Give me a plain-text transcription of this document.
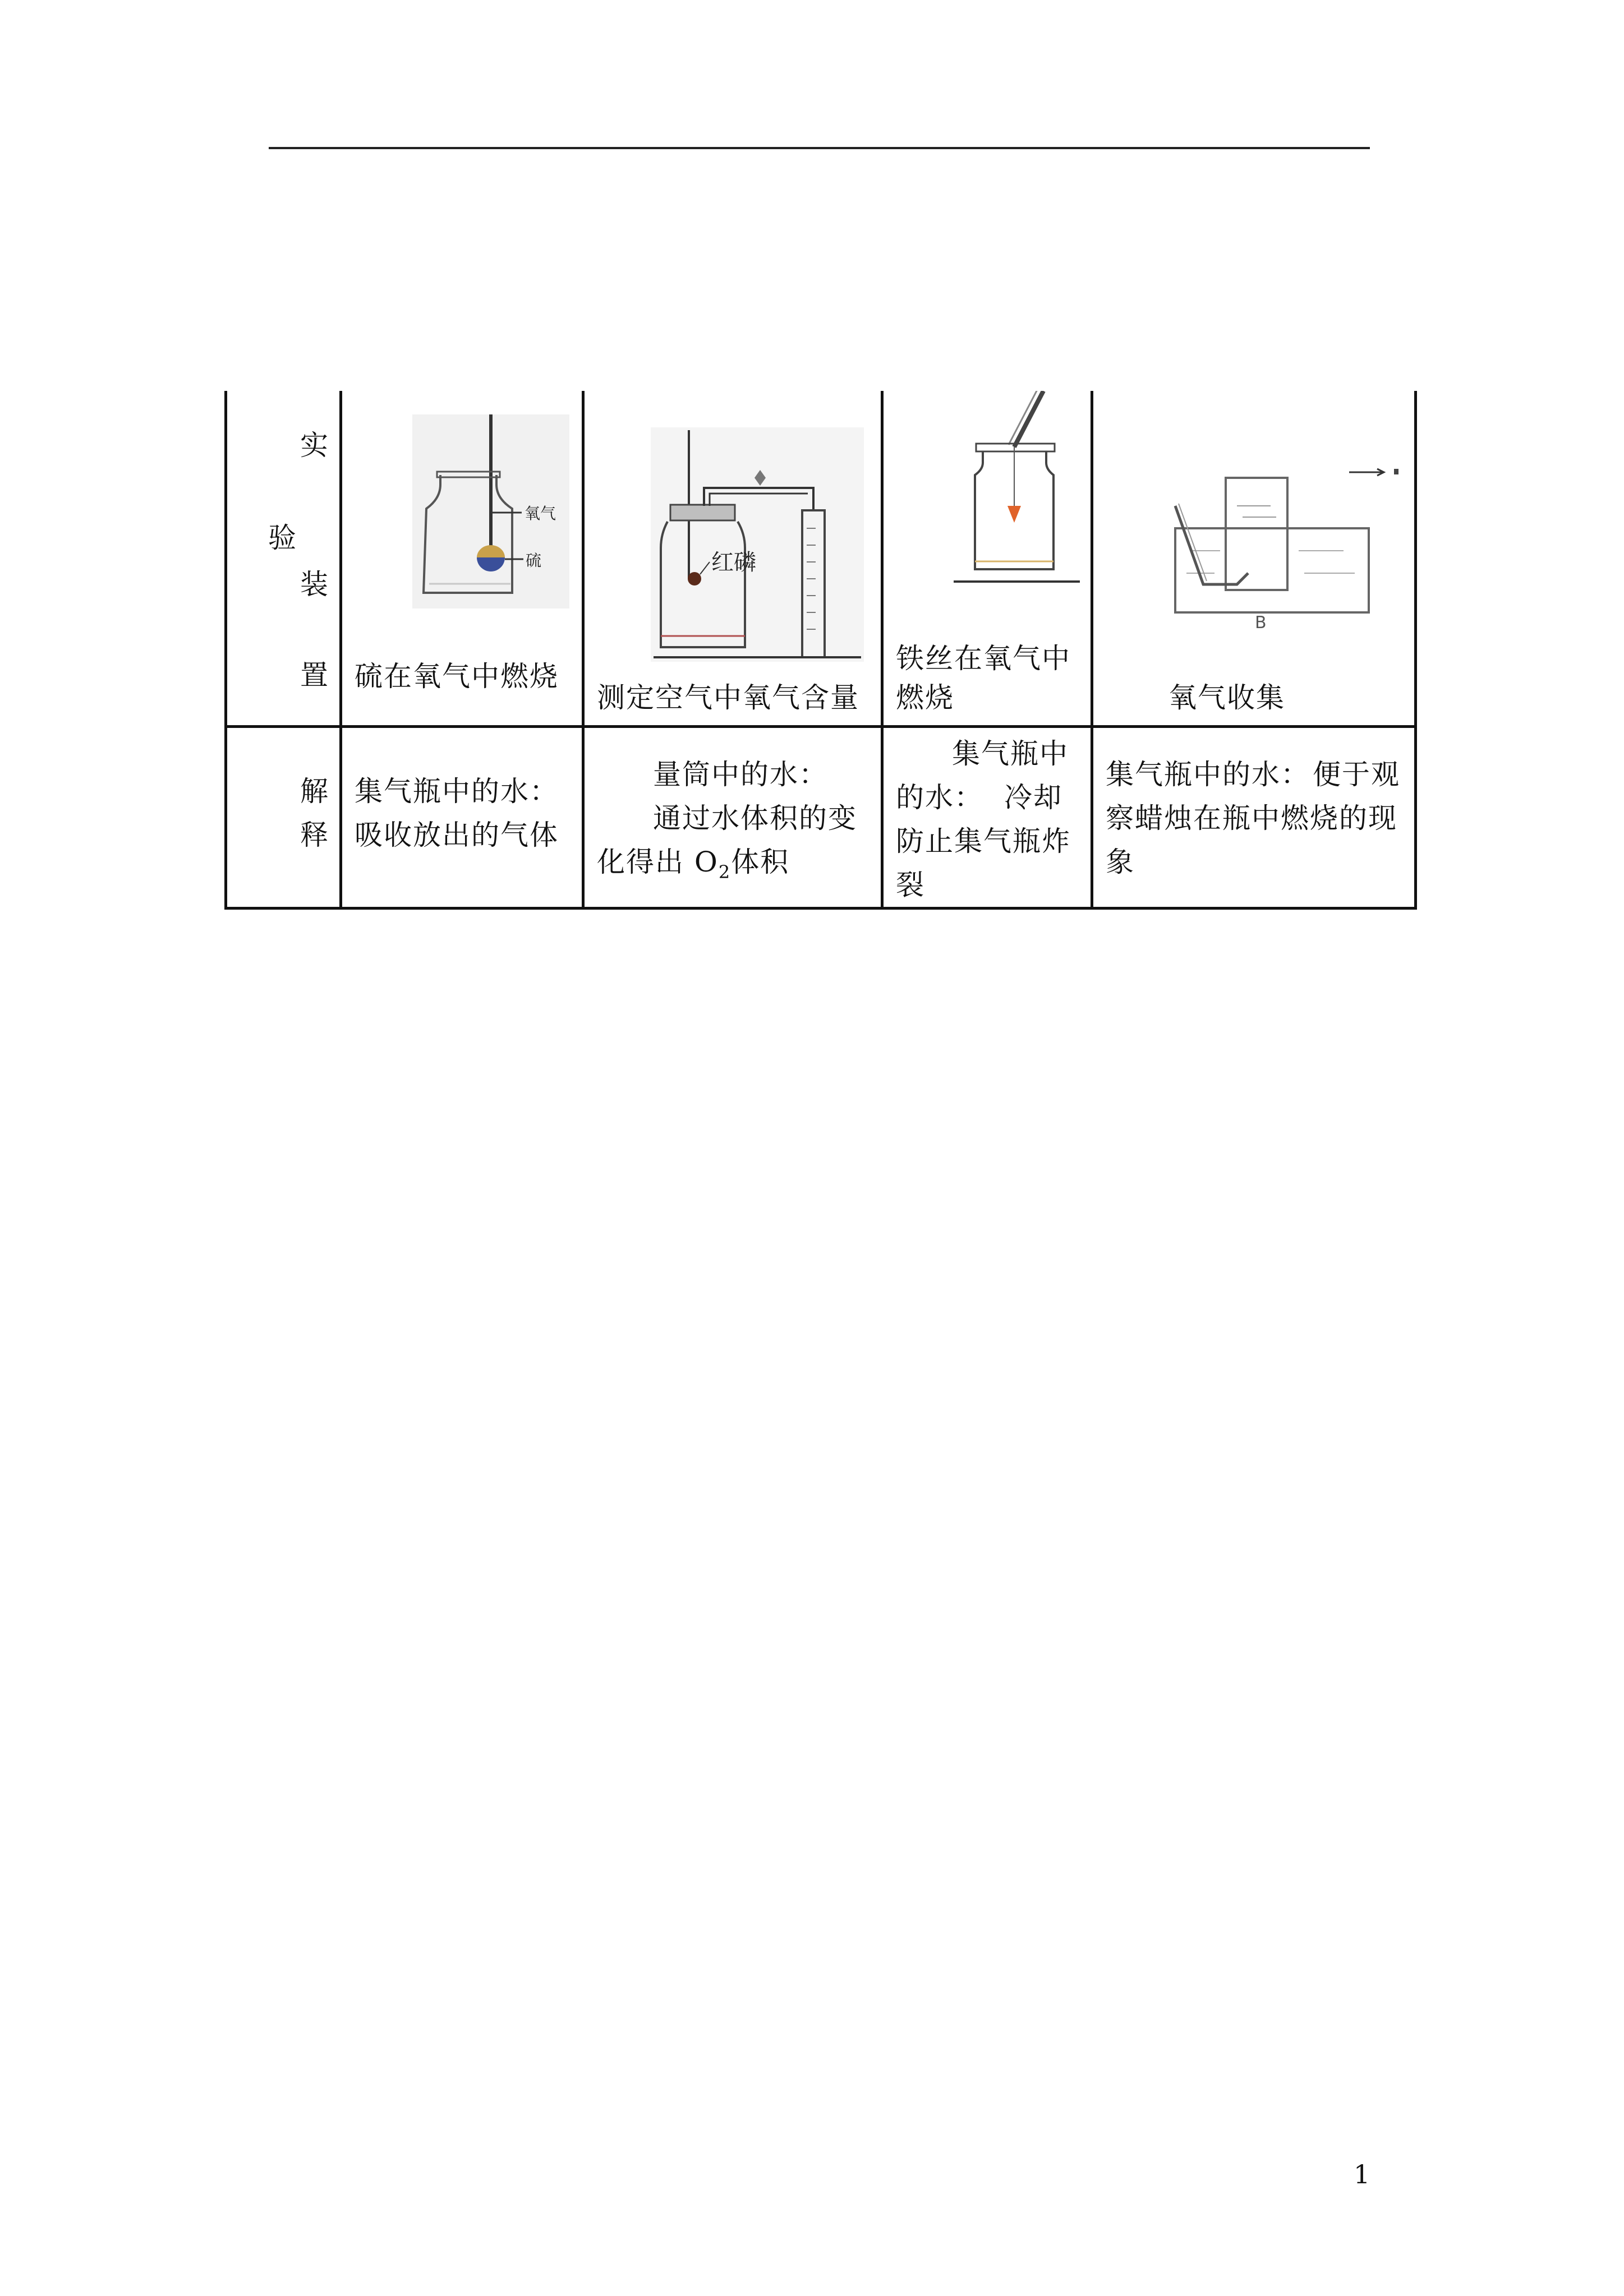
实
验
装
置
氧气
硫	红磷
B
硫在氧气中燃烧
测定空气中氧气含量
铁丝在氧气中
燃烧	氧气收集
解
释
集气瓶中的水：
吸收放出的气体
量筒中的水：
通过水体积的变
化得出 $O_2$体积
集气瓶中
的水： 冷却
防止集气瓶炸
裂
集气瓶中的水： 便于观
察蜡烛在瓶中燃烧的现
象
1
